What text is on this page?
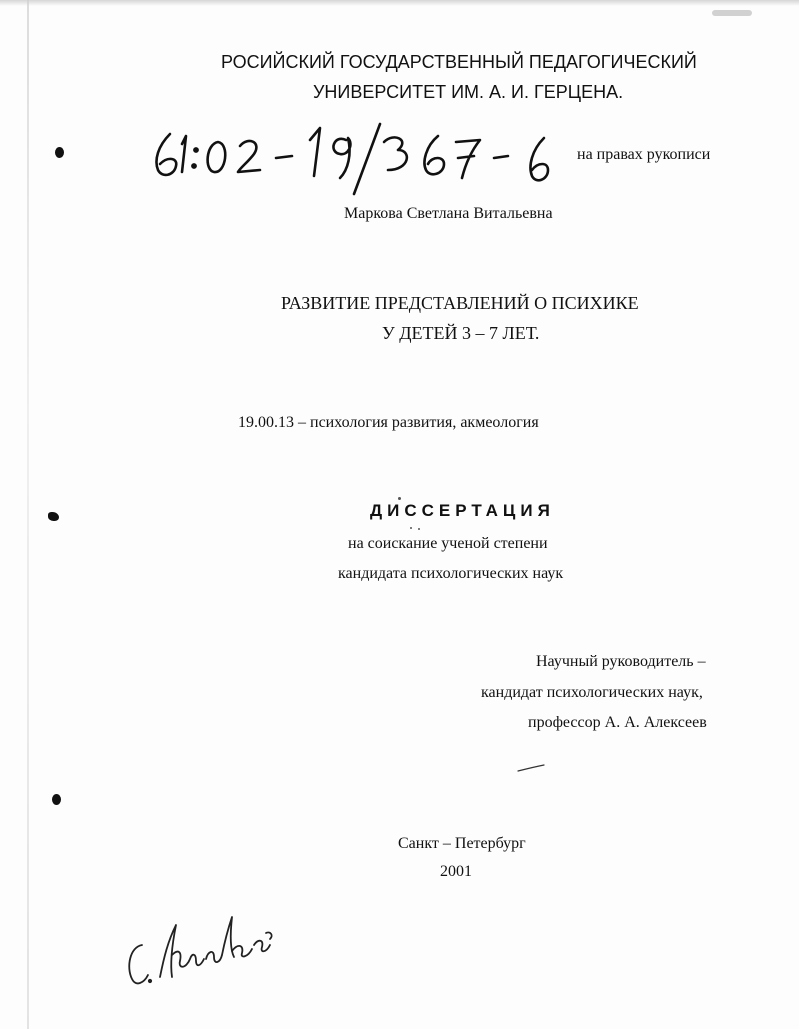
РОСИЙСКИЙ ГОСУДАРСТВЕННЫЙ ПЕДАГОГИЧЕСКИЙ
УНИВЕРСИТЕТ ИМ. А. И. ГЕРЦЕНА.
на правах рукописи
Маркова Светлана Витальевна
РАЗВИТИЕ ПРЕДСТАВЛЕНИЙ О ПСИХИКЕ
У ДЕТЕЙ 3 – 7 ЛЕТ.
19.00.13 – психология развития, акмеология
ДИССЕРТАЦИЯ
на соискание ученой степени
кандидата психологических наук
Научный руководитель –
кандидат психологических наук,
профессор А. А. Алексеев
Санкт – Петербург
2001
